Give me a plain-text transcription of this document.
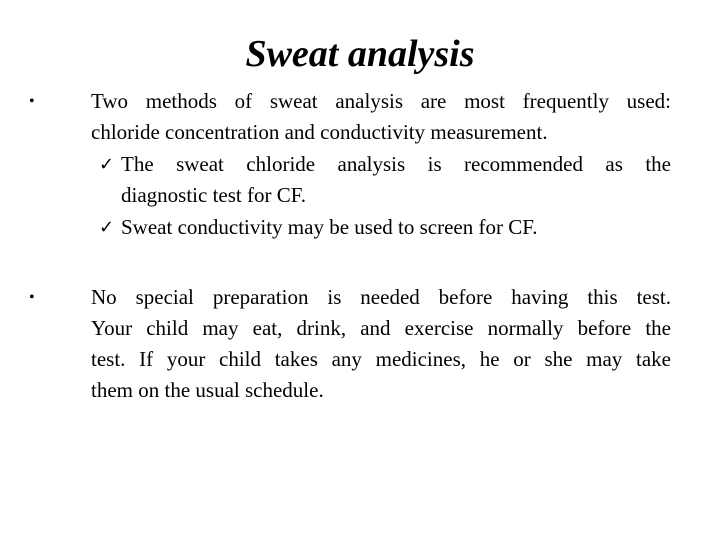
Sweat analysis
•	Two methods of sweat analysis are most frequently used:
chloride concentration and conductivity measurement.
✓ The sweat chloride analysis is recommended as the
diagnostic test for CF.
✓ Sweat conductivity may be used to screen for CF.
•	No special preparation is needed before having this test.
Your child may eat, drink, and exercise normally before the
test. If your child takes any medicines, he or she may take
them on the usual schedule.
